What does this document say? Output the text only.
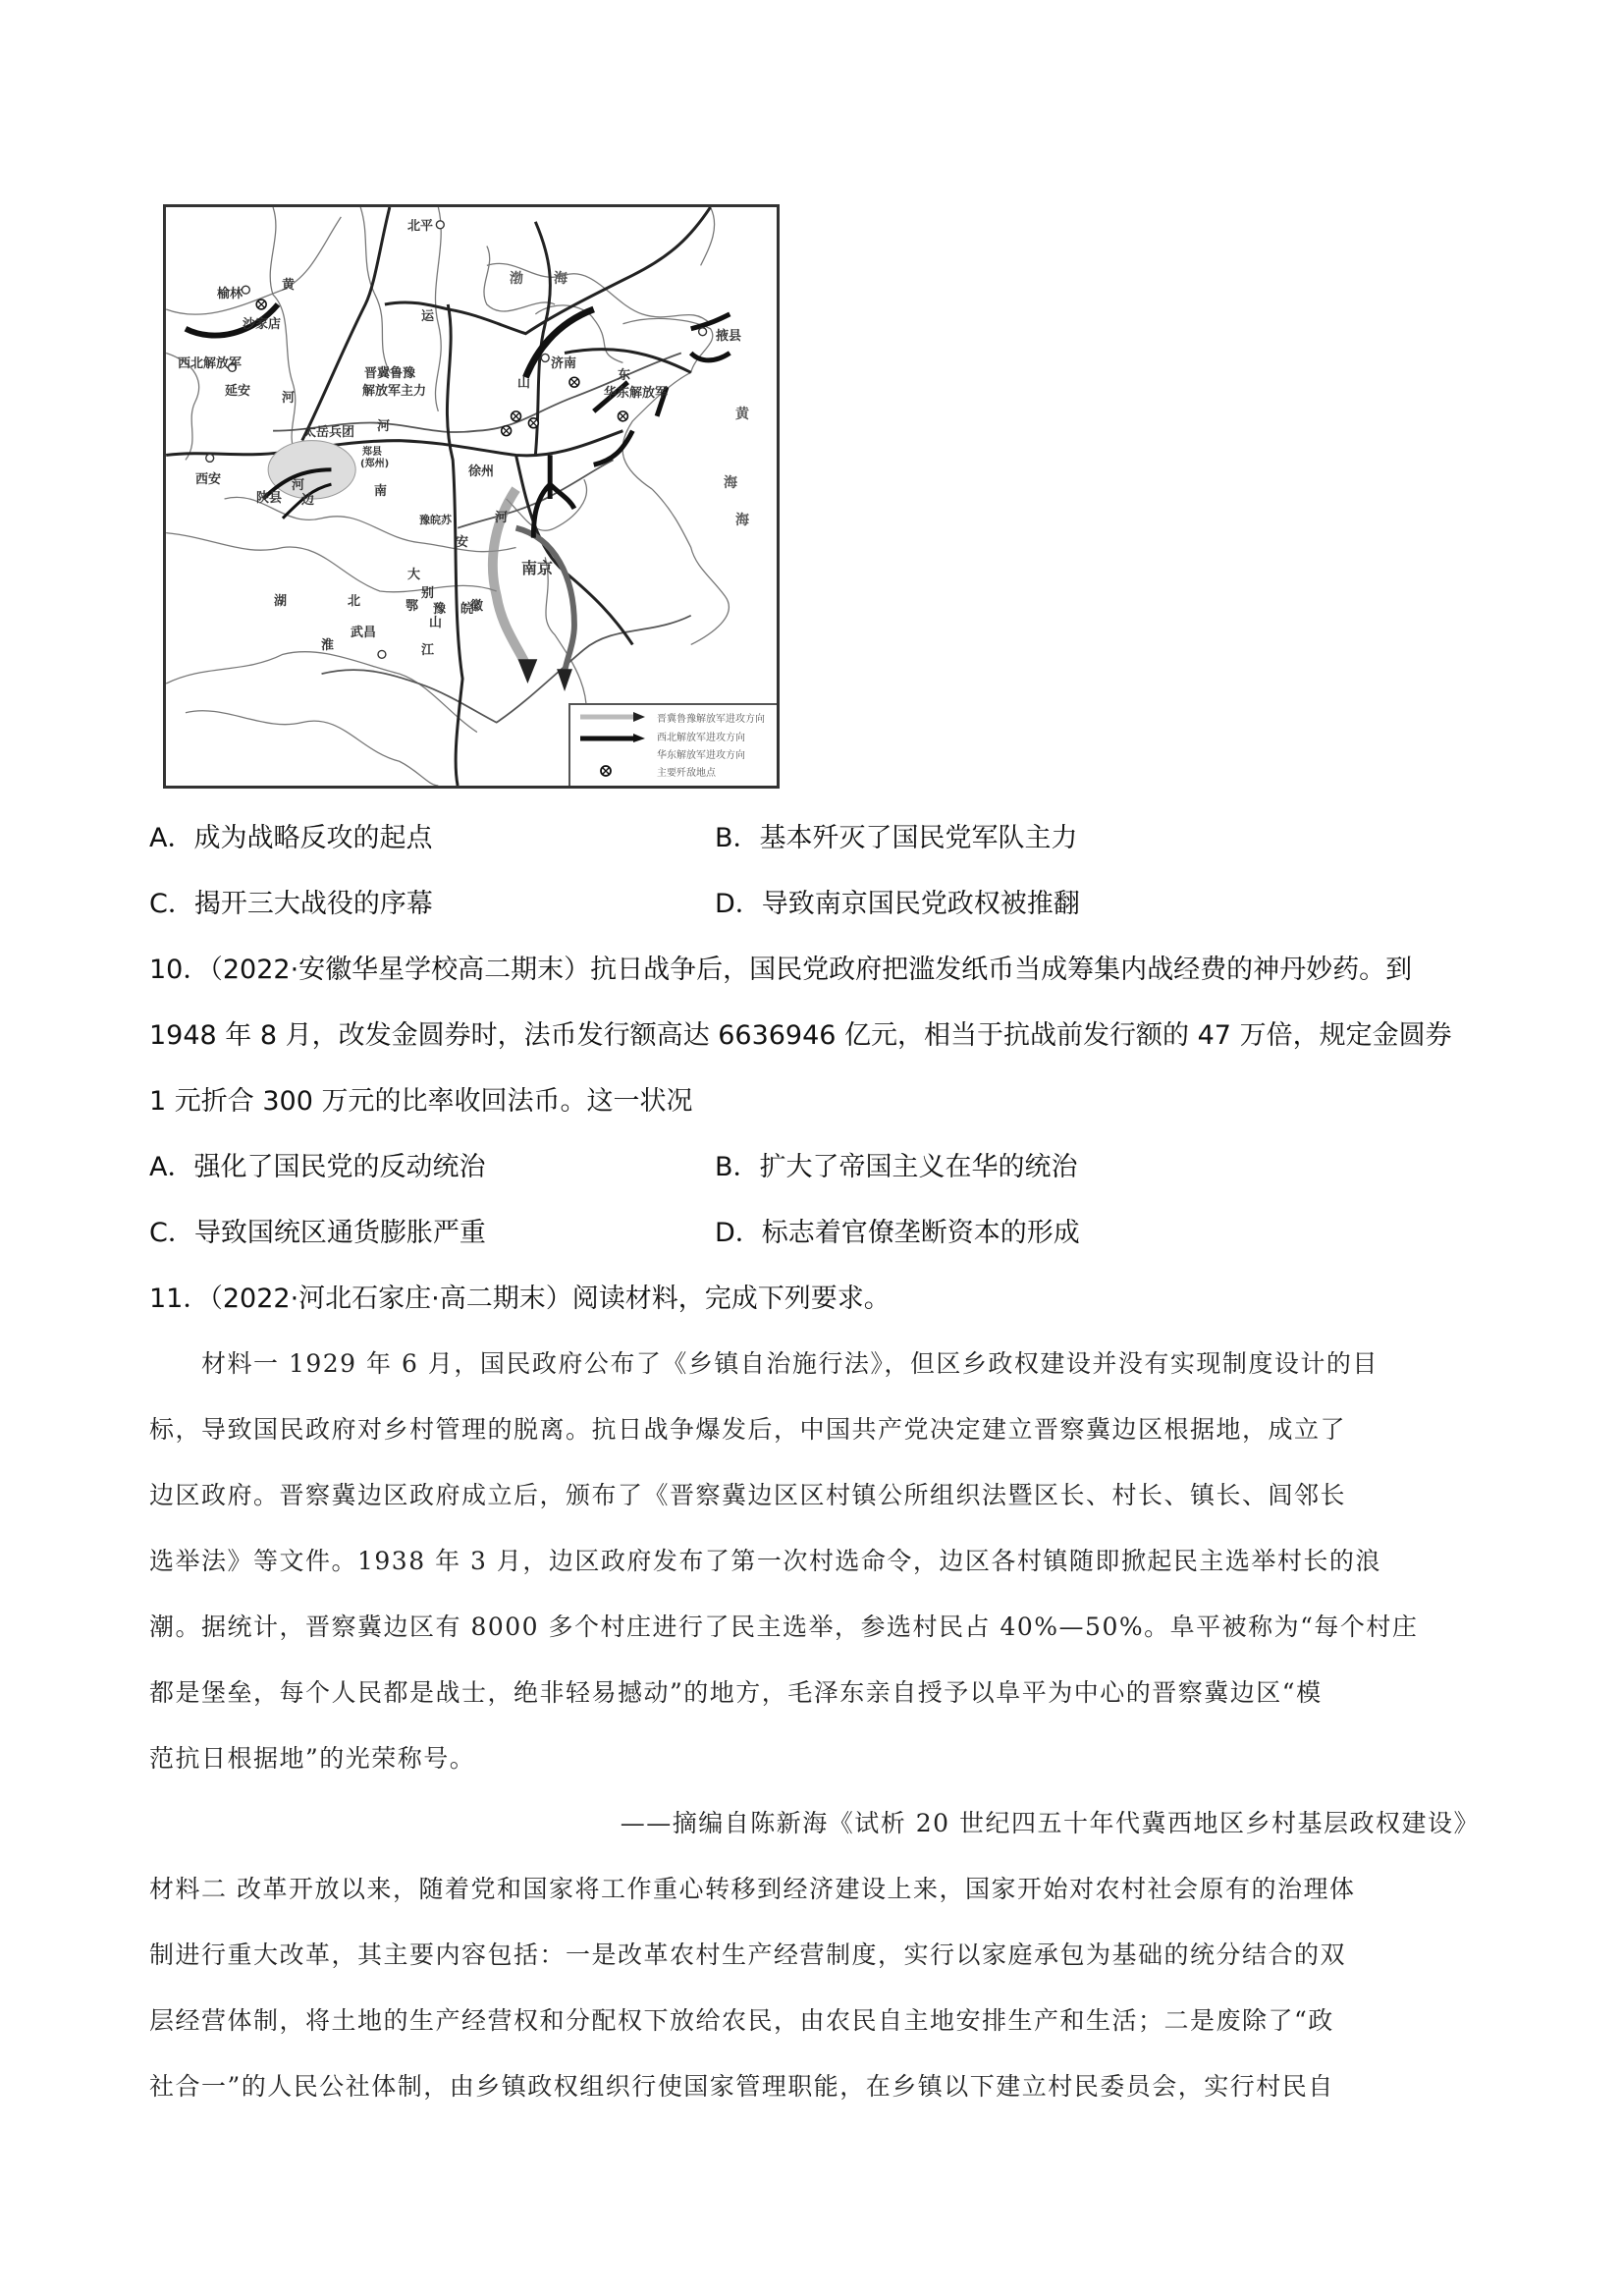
北平
渤 海
黄
海
榆林
沙家店
西北解放军
延安
黄
河
晋冀鲁豫
解放军主力
太岳兵团
济南
山
东
华东解放军
掖县
西安
陕县
河
边
郑县
(郑州)
南
徐州
豫皖苏
安
徽
南京
湖	北
武昌
大
别
山
鄂 豫 皖
江
淮
河
海
运
河
晋冀鲁豫解放军进攻方向
西北解放军进攻方向
华东解放军进攻方向
主要歼敌地点
A．成为战略反攻的起点	B．基本歼灭了国民党军队主力
C．揭开三大战役的序幕	D．导致南京国民党政权被推翻
10．（2022·安徽华星学校高二期末）抗日战争后，国民党政府把滥发纸币当成筹集内战经费的神丹妙药。到
1948 年 8 月，改发金圆券时，法币发行额高达 6636946 亿元，相当于抗战前发行额的 47 万倍，规定金圆券
1 元折合 300 万元的比率收回法币。这一状况
A．强化了国民党的反动统治	B．扩大了帝国主义在华的统治
C．导致国统区通货膨胀严重	D．标志着官僚垄断资本的形成
11．（2022·河北石家庄·高二期末）阅读材料，完成下列要求。
材料一 1929 年 6 月，国民政府公布了《乡镇自治施行法》，但区乡政权建设并没有实现制度设计的目
标，导致国民政府对乡村管理的脱离。抗日战争爆发后，中国共产党决定建立晋察冀边区根据地，成立了
边区政府。晋察冀边区政府成立后，颁布了《晋察冀边区区村镇公所组织法暨区长、村长、镇长、闾邻长
选举法》等文件。1938 年 3 月，边区政府发布了第一次村选命令，边区各村镇随即掀起民主选举村长的浪
潮。据统计，晋察冀边区有 8000 多个村庄进行了民主选举，参选村民占 40%—50%。阜平被称为“每个村庄
都是堡垒，每个人民都是战士，绝非轻易撼动”的地方，毛泽东亲自授予以阜平为中心的晋察冀边区“模
范抗日根据地”的光荣称号。
——摘编自陈新海《试析 20 世纪四五十年代冀西地区乡村基层政权建设》
材料二 改革开放以来，随着党和国家将工作重心转移到经济建设上来，国家开始对农村社会原有的治理体
制进行重大改革，其主要内容包括：一是改革农村生产经营制度，实行以家庭承包为基础的统分结合的双
层经营体制，将土地的生产经营权和分配权下放给农民，由农民自主地安排生产和生活；二是废除了“政
社合一”的人民公社体制，由乡镇政权组织行使国家管理职能，在乡镇以下建立村民委员会，实行村民自
